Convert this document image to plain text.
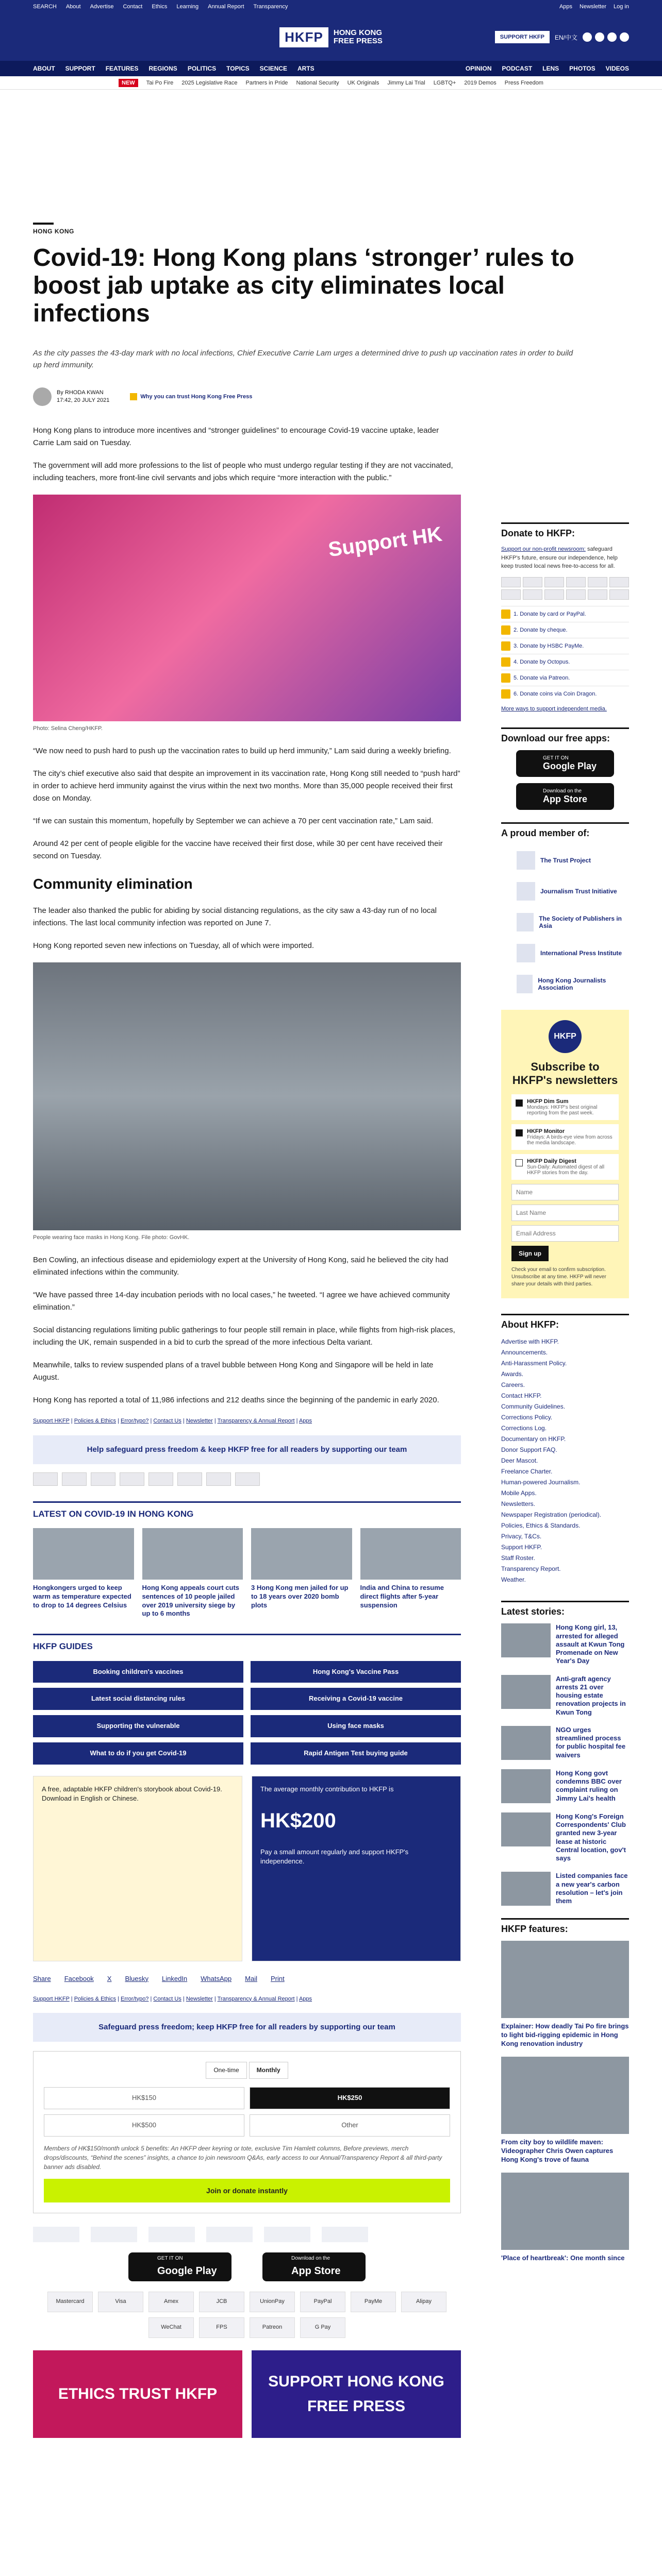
SEARCH About Advertise Contact Ethics Learning Annual Report Transparency	Apps Newsletter Log in
HKFP	HONG KONG
FREE PRESS	SUPPORT HKFP	EN/中文
ABOUT SUPPORT FEATURES REGIONS POLITICS TOPICS SCIENCE ARTS	OPINION PODCAST LENS PHOTOS VIDEOS
NEW	Tai Po Fire 2025 Legislative Race Partners in Pride National Security UK Originals Jimmy Lai Trial LGBTQ+ 2019 Demos Press Freedom
HONG KONG
Covid-19: Hong Kong plans ‘stronger’ rules to boost jab uptake as city eliminates local infections

As the city passes the 43-day mark with no local infections, Chief Executive Carrie Lam urges a determined drive to push up vaccination rates in order to build up herd immunity.

By RHODA KWAN
17:42, 20 JULY 2021
Why you can trust Hong Kong Free Press

Hong Kong plans to introduce more incentives and “stronger guidelines” to encourage Covid-19 vaccine uptake, leader Carrie Lam said on Tuesday.

The government will add more professions to the list of people who must undergo regular testing if they are not vaccinated, including teachers, more front-line civil servants and jobs which require “more interaction with the public.”

Support HK
Photo: Selina Cheng/HKFP.

“We now need to push hard to push up the vaccination rates to build up herd immunity,” Lam said during a weekly briefing.

The city’s chief executive also said that despite an improvement in its vaccination rate, Hong Kong still needed to “push hard” in order to achieve herd immunity against the virus within the next two months. More than 35,000 people received their first dose on Monday.

“If we can sustain this momentum, hopefully by September we can achieve a 70 per cent vaccination rate,” Lam said.

Around 42 per cent of people eligible for the vaccine have received their first dose, while 30 per cent have received their second on Tuesday.

Community elimination

The leader also thanked the public for abiding by social distancing regulations, as the city saw a 43-day run of no local infections. The last local community infection was reported on June 7.

Hong Kong reported seven new infections on Tuesday, all of which were imported.

People wearing face masks in Hong Kong. File photo: GovHK.

Ben Cowling, an infectious disease and epidemiology expert at the University of Hong Kong, said he believed the city had eliminated infections within the community.

“We have passed three 14-day incubation periods with no local cases,” he tweeted. “I agree we have achieved community elimination.”

Social distancing regulations limiting public gatherings to four people still remain in place, while flights from high-risk places, including the UK, remain suspended in a bid to curb the spread of the more infectious Delta variant.

Meanwhile, talks to review suspended plans of a travel bubble between Hong Kong and Singapore will be held in late August.

Hong Kong has reported a total of 11,986 infections and 212 deaths since the beginning of the pandemic in early 2020.

Support HKFP | Policies & Ethics | Error/typo? | Contact Us | Newsletter | Transparency & Annual Report | Apps
Help safeguard press freedom & keep HKFP free for all readers by supporting our team
LATEST ON COVID-19 IN HONG KONG
Hongkongers urged to keep warm as temperature expected to drop to 14 degrees Celsius
Hong Kong appeals court cuts sentences of 10 people jailed over 2019 university siege by up to 6 months
3 Hong Kong men jailed for up to 18 years over 2020 bomb plots
India and China to resume direct flights after 5-year suspension
HKFP GUIDES
Booking children's vaccines	Hong Kong's Vaccine Pass
Latest social distancing rules	Receiving a Covid-19 vaccine
Supporting the vulnerable	Using face masks
What to do if you get Covid-19	Rapid Antigen Test buying guide
A free, adaptable HKFP children's storybook about Covid-19.
Download in English or Chinese.
The average monthly contribution to HKFP is
HK$200
Pay a small amount regularly and support HKFP's independence.
Share Facebook X Bluesky LinkedIn WhatsApp Mail Print
Support HKFP | Policies & Ethics | Error/typo? | Contact Us | Newsletter | Transparency & Annual Report | Apps
Safeguard press freedom; keep HKFP free for all readers by supporting our team
One-time	Monthly
HK$150	HK$250
HK$500	Other
Members of HK$150/month unlock 5 benefits: An HKFP deer keyring or tote, exclusive Tim Hamlett columns, Before previews, merch drops/discounts, “Behind the scenes” insights, a chance to join newsroom Q&As, early access to our Annual/Transparency Report & all third-party banner ads disabled.
Join or donate instantly
GET IT ON
Google Play
Download on the
App Store
Mastercard	Visa	Amex	JCB	UnionPay	PayPal	PayMe	Alipay
WeChat	FPS	Patreon	G Pay
ETHICS TRUST HKFP
SUPPORT HONG KONG FREE PRESS
Donate to HKFP:
Support our non-profit newsroom: safeguard HKFP's future, ensure our independence, help keep trusted local news free-to-access for all.
1. Donate by card or PayPal.
2. Donate by cheque.
3. Donate by HSBC PayMe.
4. Donate by Octopus.
5. Donate via Patreon.
6. Donate coins via Coin Dragon.
More ways to support independent media.
Download our free apps:
GET IT ON
Google Play
Download on the
App Store
A proud member of:
The Trust Project
Journalism Trust Initiative
The Society of Publishers in Asia
International Press Institute
Hong Kong Journalists Association
HKFP
Subscribe to HKFP's newsletters
HKFP Dim Sum
Mondays: HKFP's best original reporting from the past week.
HKFP Monitor
Fridays: A birds-eye view from across the media landscape.
HKFP Daily Digest
Sun-Daily: Automated digest of all HKFP stories from the day.
Name Last Name Email Address Sign up
Check your email to confirm subscription. Unsubscribe at any time. HKFP will never share your details with third parties.
About HKFP:
Advertise with HKFP.
Announcements.
Anti-Harassment Policy.
Awards.
Careers.
Contact HKFP.
Community Guidelines.
Corrections Policy.
Corrections Log.
Documentary on HKFP.
Donor Support FAQ.
Deer Mascot.
Freelance Charter.
Human-powered Journalism.
Mobile Apps.
Newsletters.
Newspaper Registration (periodical).
Policies, Ethics & Standards.
Privacy, T&Cs.
Support HKFP.
Staff Roster.
Transparency Report.
Weather.
Latest stories:
Hong Kong girl, 13, arrested for alleged assault at Kwun Tong Promenade on New Year's Day
Anti-graft agency arrests 21 over housing estate renovation projects in Kwun Tong
NGO urges streamlined process for public hospital fee waivers
Hong Kong govt condemns BBC over complaint ruling on Jimmy Lai's health
Hong Kong's Foreign Correspondents' Club granted new 3-year lease at historic Central location, gov't says
Listed companies face a new year's carbon resolution – let's join them
HKFP features:
Explainer: How deadly Tai Po fire brings to light bid-rigging epidemic in Hong Kong renovation industry
From city boy to wildlife maven: Videographer Chris Owen captures Hong Kong's trove of fauna
'Place of heartbreak': One month since
